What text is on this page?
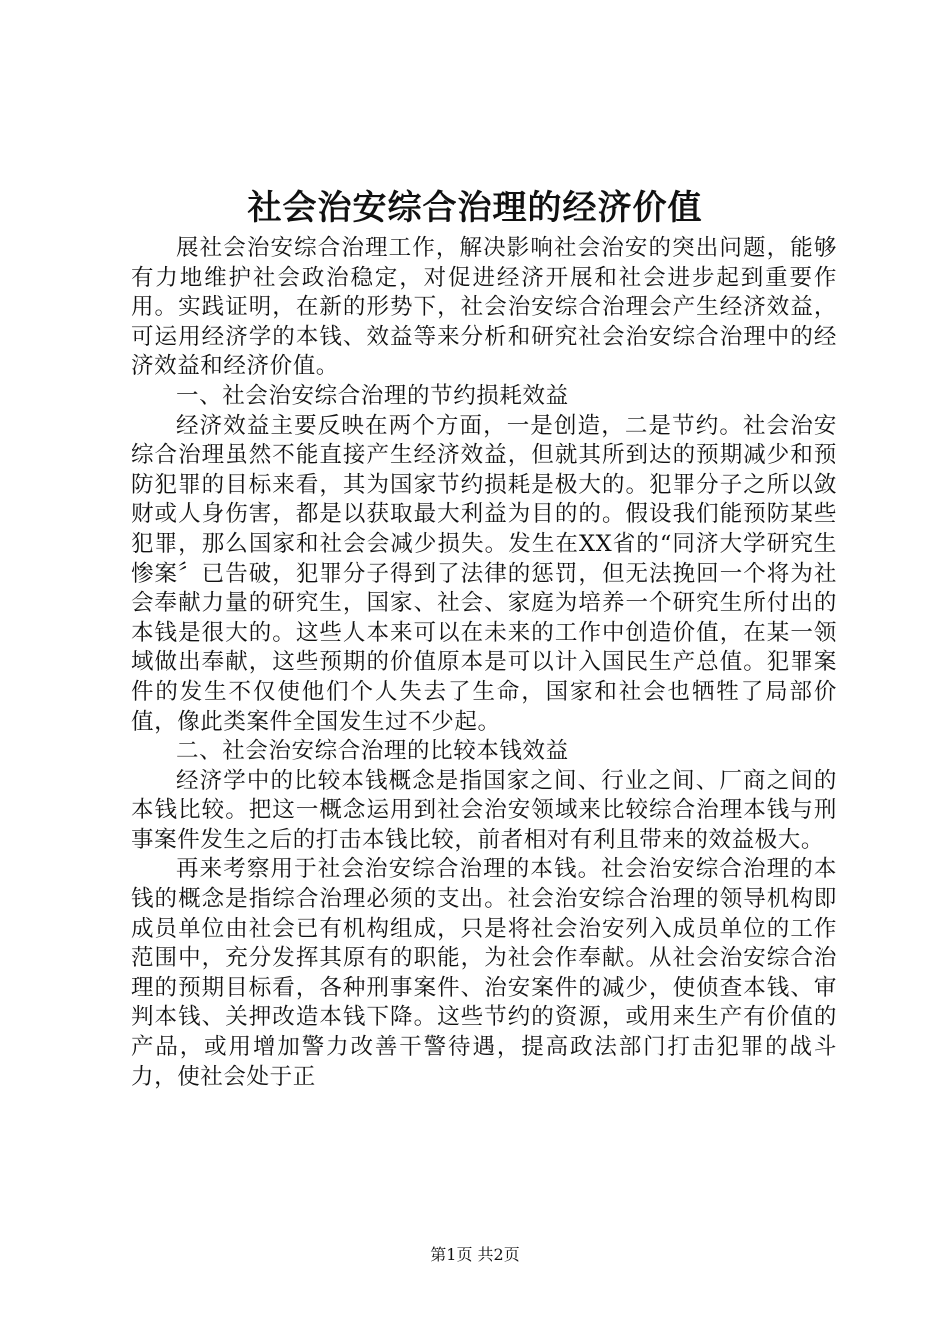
社会治安综合治理的经济价值

展社会治安综合治理工作，解决影响社会治安的突出问题，能够有力地维护社会政治稳定，对促进经济开展和社会进步起到重要作用。实践证明，在新的形势下，社会治安综合治理会产生经济效益，可运用经济学的本钱、效益等来分析和研究社会治安综合治理中的经济效益和经济价值。

一、社会治安综合治理的节约损耗效益

经济效益主要反映在两个方面，一是创造，二是节约。社会治安综合治理虽然不能直接产生经济效益，但就其所到达的预期减少和预防犯罪的目标来看，其为国家节约损耗是极大的。犯罪分子之所以敛财或人身伤害，都是以获取最大利益为目的的。假设我们能预防某些犯罪，那么国家和社会会减少损失。发生在XX省的“同济大学研究生惨案〞已告破，犯罪分子得到了法律的惩罚，但无法挽回一个将为社会奉献力量的研究生，国家、社会、家庭为培养一个研究生所付出的本钱是很大的。这些人本来可以在未来的工作中创造价值，在某一领域做出奉献，这些预期的价值原本是可以计入国民生产总值。犯罪案件的发生不仅使他们个人失去了生命，国家和社会也牺牲了局部价值，像此类案件全国发生过不少起。

二、社会治安综合治理的比较本钱效益

经济学中的比较本钱概念是指国家之间、行业之间、厂商之间的本钱比较。把这一概念运用到社会治安领域来比较综合治理本钱与刑事案件发生之后的打击本钱比较，前者相对有利且带来的效益极大。

再来考察用于社会治安综合治理的本钱。社会治安综合治理的本钱的概念是指综合治理必须的支出。社会治安综合治理的领导机构即成员单位由社会已有机构组成，只是将社会治安列入成员单位的工作范围中，充分发挥其原有的职能，为社会作奉献。从社会治安综合治理的预期目标看，各种刑事案件、治安案件的减少，使侦查本钱、审判本钱、关押改造本钱下降。这些节约的资源，或用来生产有价值的产品，或用增加警力改善干警待遇，提高政法部门打击犯罪的战斗力，使社会处于正

第1页 共2页
